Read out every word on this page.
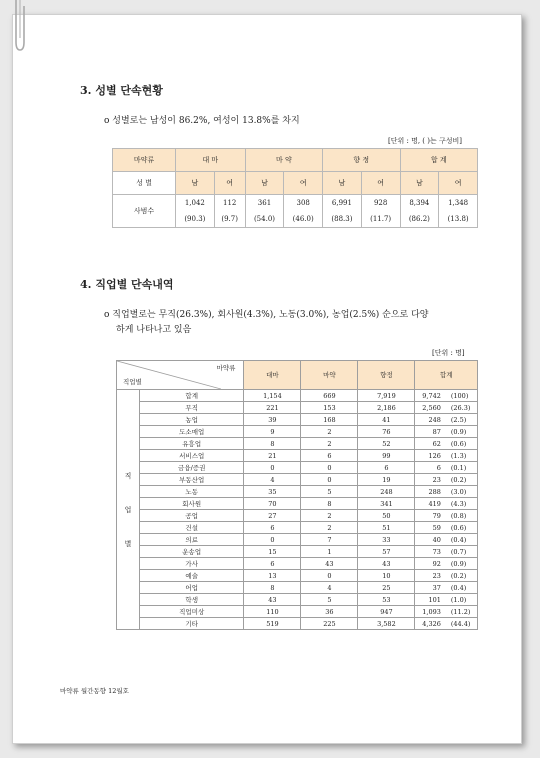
3. 성별 단속현황
o 성별로는 남성이 86.2%, 여성이 13.8%를 차지
[단위 : 명, ( )는 구성비]
마약류	대 마		마 약		향 정		합 계	
성 별	남	여	남	여	남	여	남	여
사범수	1,042	112	361	308	6,991	928	8,394	1,348
	(90.3)	(9.7)	(54.0)	(46.0)	(88.3)	(11.7)	(86.2)	(13.8)
4. 직업별 단속내역
o 직업별로는 무직(26.3%), 회사원(4.3%), 노동(3.0%), 농업(2.5%) 순으로 다양
하게 나타나고 있음
[단위 : 명]
마약류
직업별		대마	마약	향정	합계	

직
업
별	합계	1,154	669	7,919	9,742	(100)
	무직	221	153	2,186	2,560	(26.3)
	농업	39	168	41	248	(2.5)
	도소매업	9	2	76	87	(0.9)
	유흥업	8	2	52	62	(0.6)
	서비스업	21	6	99	126	(1.3)
	금융/증권	0	0	6	6	(0.1)
	부동산업	4	0	19	23	(0.2)
	노동	35	5	248	288	(3.0)
	회사원	70	8	341	419	(4.3)
	공업	27	2	50	79	(0.8)
	건설	6	2	51	59	(0.6)
	의료	0	7	33	40	(0.4)
	운송업	15	1	57	73	(0.7)
	가사	6	43	43	92	(0.9)
	예술	13	0	10	23	(0.2)
	어업	8	4	25	37	(0.4)
	학생	43	5	53	101	(1.0)
	직업미상	110	36	947	1,093	(11.2)
	기타	519	225	3,582	4,326	(44.4)
마약류 월간동향 12월호
